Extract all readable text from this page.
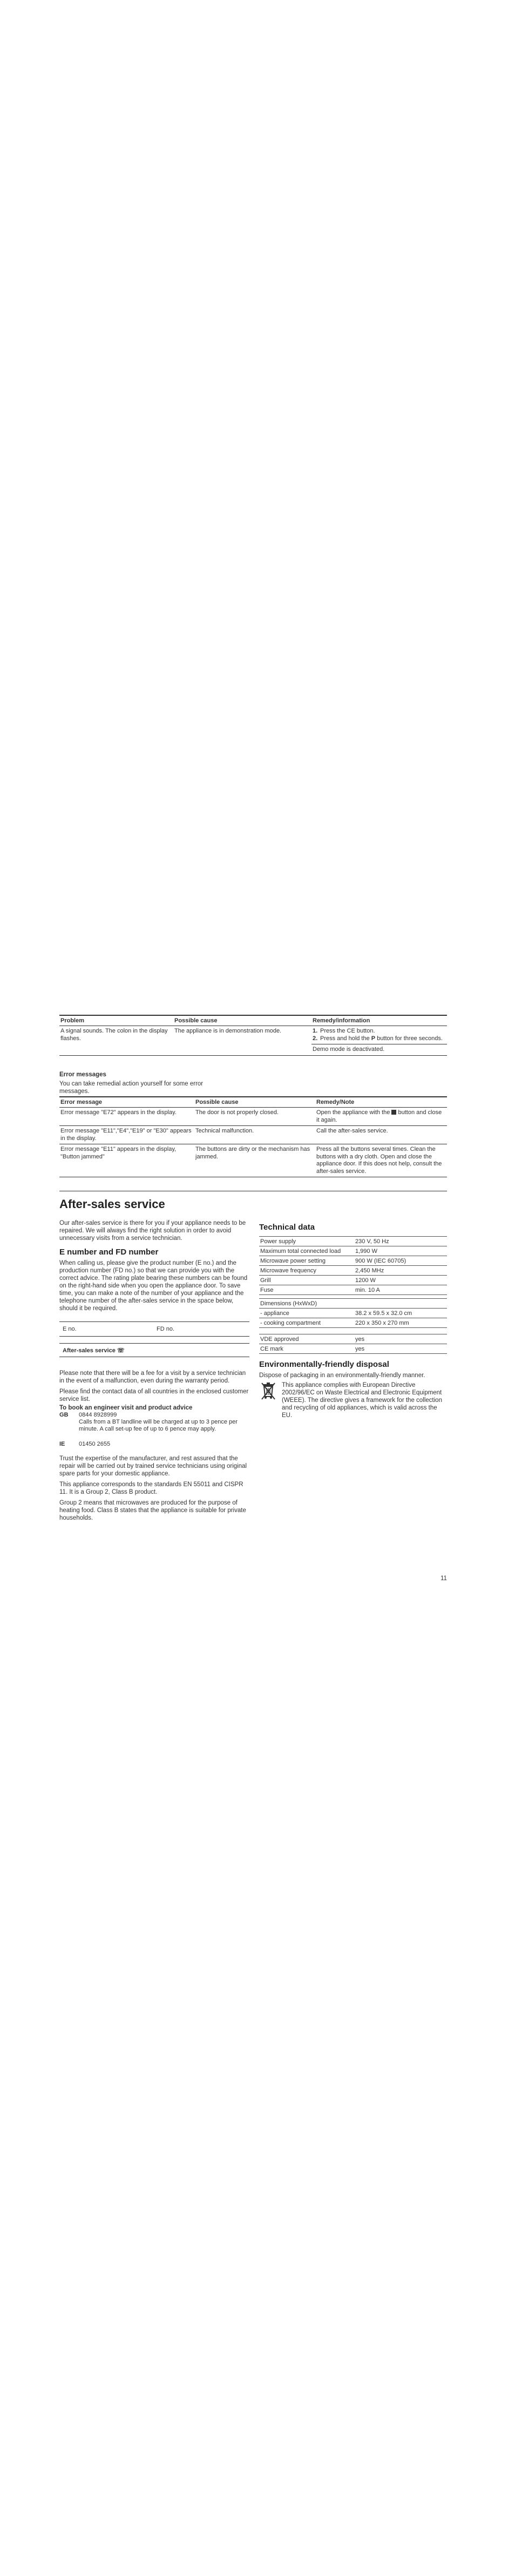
Problem	Possible cause	Remedy/information
A signal sounds. The colon in the display flashes.	The appliance is in demonstration mode.	1. Press the CE button.
2. Press and hold the P button for three seconds.

		Demo mode is deactivated.
Error messages
You can take remedial action yourself for some error messages.
Error message	Possible cause	Remedy/Note
Error message "E72" appears in the display.	The door is not properly closed.	Open the appliance with the  button and close it again.
Error message "E11","E4","E19" or "E30" appears in the display.	Technical malfunction.	Call the after-sales service.
Error message "E11" appears in the display, "Button jammed"	The buttons are dirty or the mechanism has jammed.	Press all the buttons several times. Clean the buttons with a dry cloth. Open and close the appliance door. If this does not help, consult the after-sales service.
After-sales service
Our after-sales service is there for you if your appliance needs to be repaired. We will always find the right solution in order to avoid unnecessary visits from a service technician.
E number and FD number
When calling us, please give the product number (E no.) and the production number (FD no.) so that we can provide you with the correct advice. The rating plate bearing these numbers can be found on the right-hand side when you open the appliance door. To save time, you can make a note of the number of your appliance and the telephone number of the after-sales service in the space below, should it be required.
E no.	FD no.
After-sales service ☏
Please note that there will be a fee for a visit by a service technician in the event of a malfunction, even during the warranty period.
Please find the contact data of all countries in the enclosed customer service list.
To book an engineer visit and product advice
GB	0844 8928999
Calls from a BT landline will be charged at up to 3 pence per minute. A call set-up fee of up to 6 pence may apply.
IE	01450 2655
Trust the expertise of the manufacturer, and rest assured that the repair will be carried out by trained service technicians using original spare parts for your domestic appliance.
This appliance corresponds to the standards EN 55011 and CISPR 11. It is a Group 2, Class B product.
Group 2 means that microwaves are produced for the purpose of heating food. Class B states that the appliance is suitable for private households.
Technical data
Power supply	230 V, 50 Hz
Maximum total connected load	1,990 W
Microwave power setting	900 W (IEC 60705)
Microwave frequency	2,450 MHz
Grill	1200 W
Fuse	min. 10 A
Dimensions (HxWxD)
- appliance	38.2 x 59.5 x 32.0 cm
- cooking compartment	220 x 350 x 270 mm
VDE approved	yes
CE mark	yes
Environmentally-friendly disposal
Dispose of packaging in an environmentally-friendly manner.
This appliance complies with European Directive 2002/96/EC on Waste Electrical and Electronic Equipment (WEEE). The directive gives a framework for the collection and recycling of old appliances, which is valid across the EU.
11
